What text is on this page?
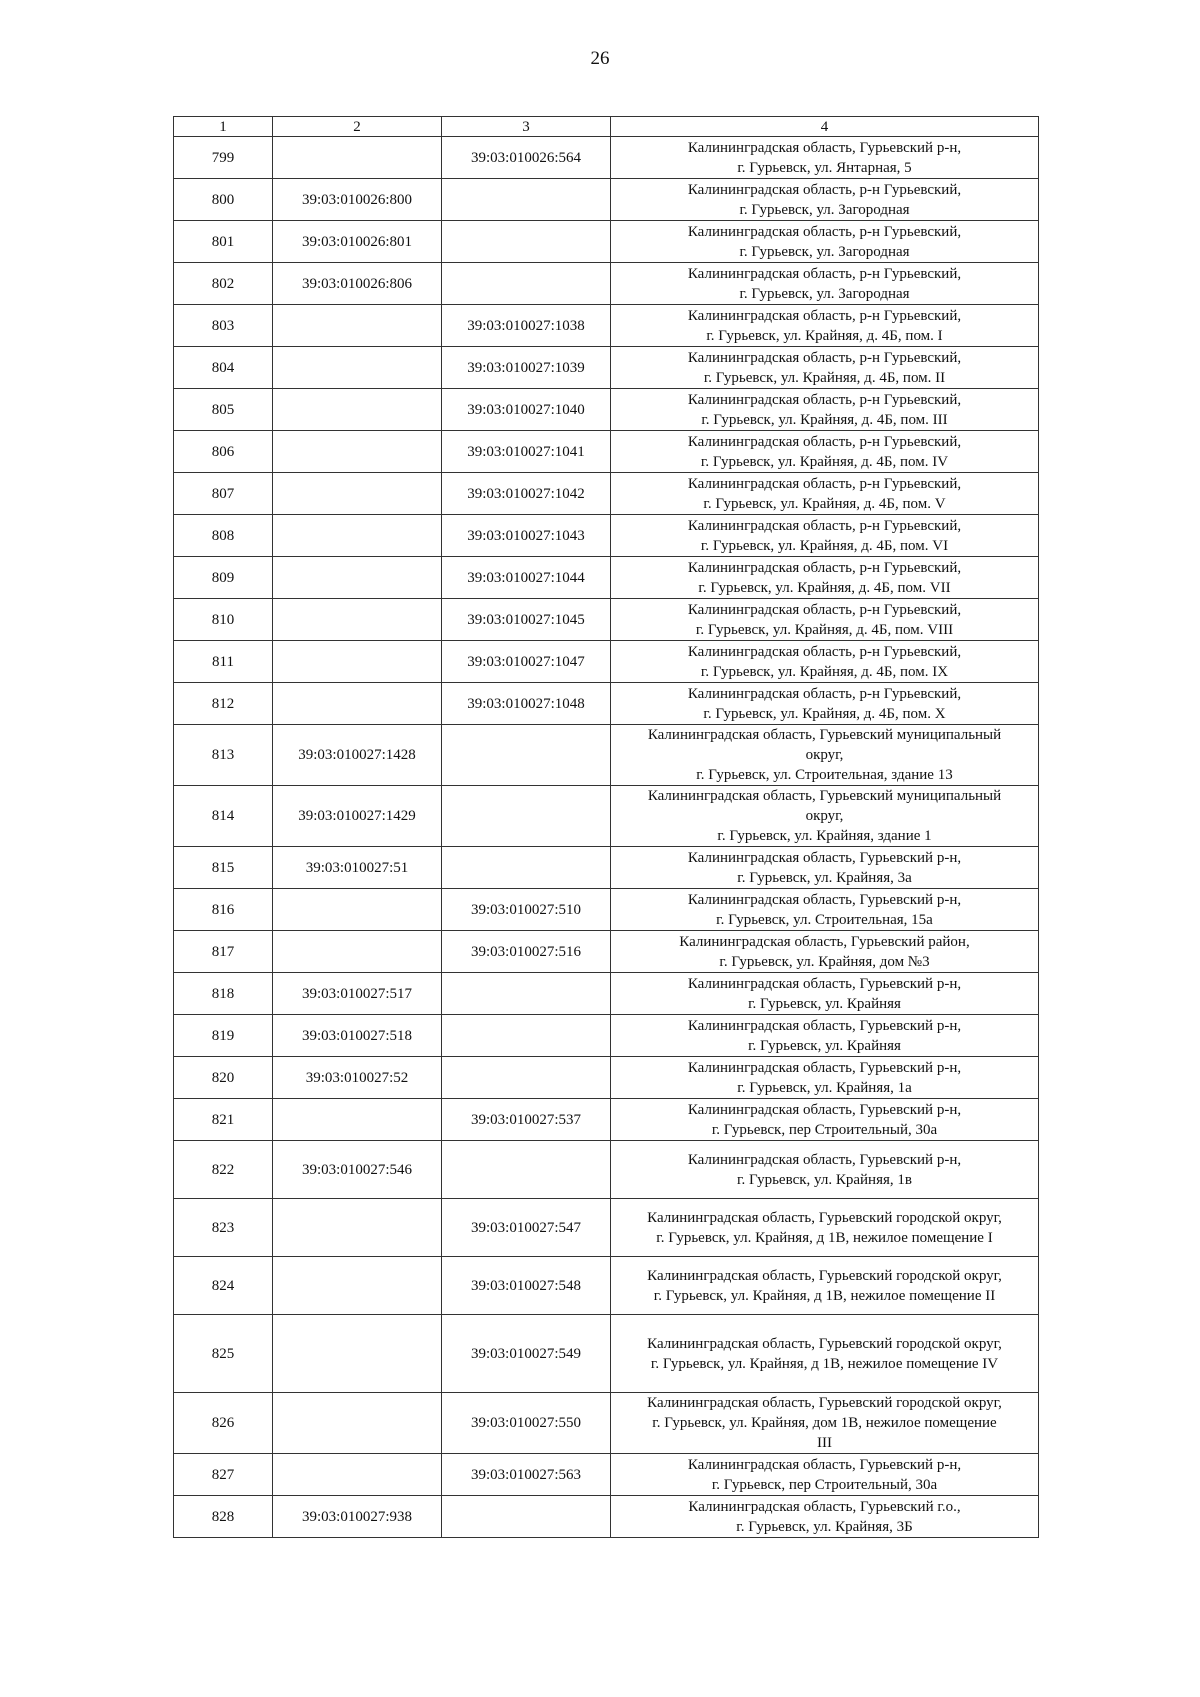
26
1	2	3	4
799		39:03:010026:564	Калининградская область, Гурьевский р-н,
г. Гурьевск, ул. Янтарная, 5

800	39:03:010026:800		Калининградская область, р-н Гурьевский,
г. Гурьевск, ул. Загородная

801	39:03:010026:801		Калининградская область, р-н Гурьевский,
г. Гурьевск, ул. Загородная

802	39:03:010026:806		Калининградская область, р-н Гурьевский,
г. Гурьевск, ул. Загородная

803		39:03:010027:1038	Калининградская область, р-н Гурьевский,
г. Гурьевск, ул. Крайняя, д. 4Б, пом. I

804		39:03:010027:1039	Калининградская область, р-н Гурьевский,
г. Гурьевск, ул. Крайняя, д. 4Б, пом. II

805		39:03:010027:1040	Калининградская область, р-н Гурьевский,
г. Гурьевск, ул. Крайняя, д. 4Б, пом. III

806		39:03:010027:1041	Калининградская область, р-н Гурьевский,
г. Гурьевск, ул. Крайняя, д. 4Б, пом. IV

807		39:03:010027:1042	Калининградская область, р-н Гурьевский,
г. Гурьевск, ул. Крайняя, д. 4Б, пом. V

808		39:03:010027:1043	Калининградская область, р-н Гурьевский,
г. Гурьевск, ул. Крайняя, д. 4Б, пом. VI

809		39:03:010027:1044	Калининградская область, р-н Гурьевский,
г. Гурьевск, ул. Крайняя, д. 4Б, пом. VII

810		39:03:010027:1045	Калининградская область, р-н Гурьевский,
г. Гурьевск, ул. Крайняя, д. 4Б, пом. VIII

811		39:03:010027:1047	Калининградская область, р-н Гурьевский,
г. Гурьевск, ул. Крайняя, д. 4Б, пом. IX

812		39:03:010027:1048	Калининградская область, р-н Гурьевский,
г. Гурьевск, ул. Крайняя, д. 4Б, пом. X

813	39:03:010027:1428		Калининградская область, Гурьевский муниципальный
округ,
г. Гурьевск, ул. Строительная, здание 13

814	39:03:010027:1429		Калининградская область, Гурьевский муниципальный
округ,
г. Гурьевск, ул. Крайняя, здание 1

815	39:03:010027:51		Калининградская область, Гурьевский р-н,
г. Гурьевск, ул. Крайняя, 3а

816		39:03:010027:510	Калининградская область, Гурьевский р-н,
г. Гурьевск, ул. Строительная, 15а

817		39:03:010027:516	Калининградская область, Гурьевский район,
г. Гурьевск, ул. Крайняя, дом №3

818	39:03:010027:517		Калининградская область, Гурьевский р-н,
г. Гурьевск, ул. Крайняя

819	39:03:010027:518		Калининградская область, Гурьевский р-н,
г. Гурьевск, ул. Крайняя

820	39:03:010027:52		Калининградская область, Гурьевский р-н,
г. Гурьевск, ул. Крайняя, 1а

821		39:03:010027:537	Калининградская область, Гурьевский р-н,
г. Гурьевск, пер Строительный, 30а

822	39:03:010027:546		Калининградская область, Гурьевский р-н,
г. Гурьевск, ул. Крайняя, 1в

823		39:03:010027:547	Калининградская область, Гурьевский городской округ,
г. Гурьевск, ул. Крайняя, д 1В, нежилое помещение I

824		39:03:010027:548	Калининградская область, Гурьевский городской округ,
г. Гурьевск, ул. Крайняя, д 1В, нежилое помещение II

825		39:03:010027:549	Калининградская область, Гурьевский городской округ,
г. Гурьевск, ул. Крайняя, д 1В, нежилое помещение IV

826		39:03:010027:550	Калининградская область, Гурьевский городской округ,
г. Гурьевск, ул. Крайняя, дом 1В, нежилое помещение
III

827		39:03:010027:563	Калининградская область, Гурьевский р-н,
г. Гурьевск, пер Строительный, 30а

828	39:03:010027:938		Калининградская область, Гурьевский г.о.,
г. Гурьевск, ул. Крайняя, 3Б
